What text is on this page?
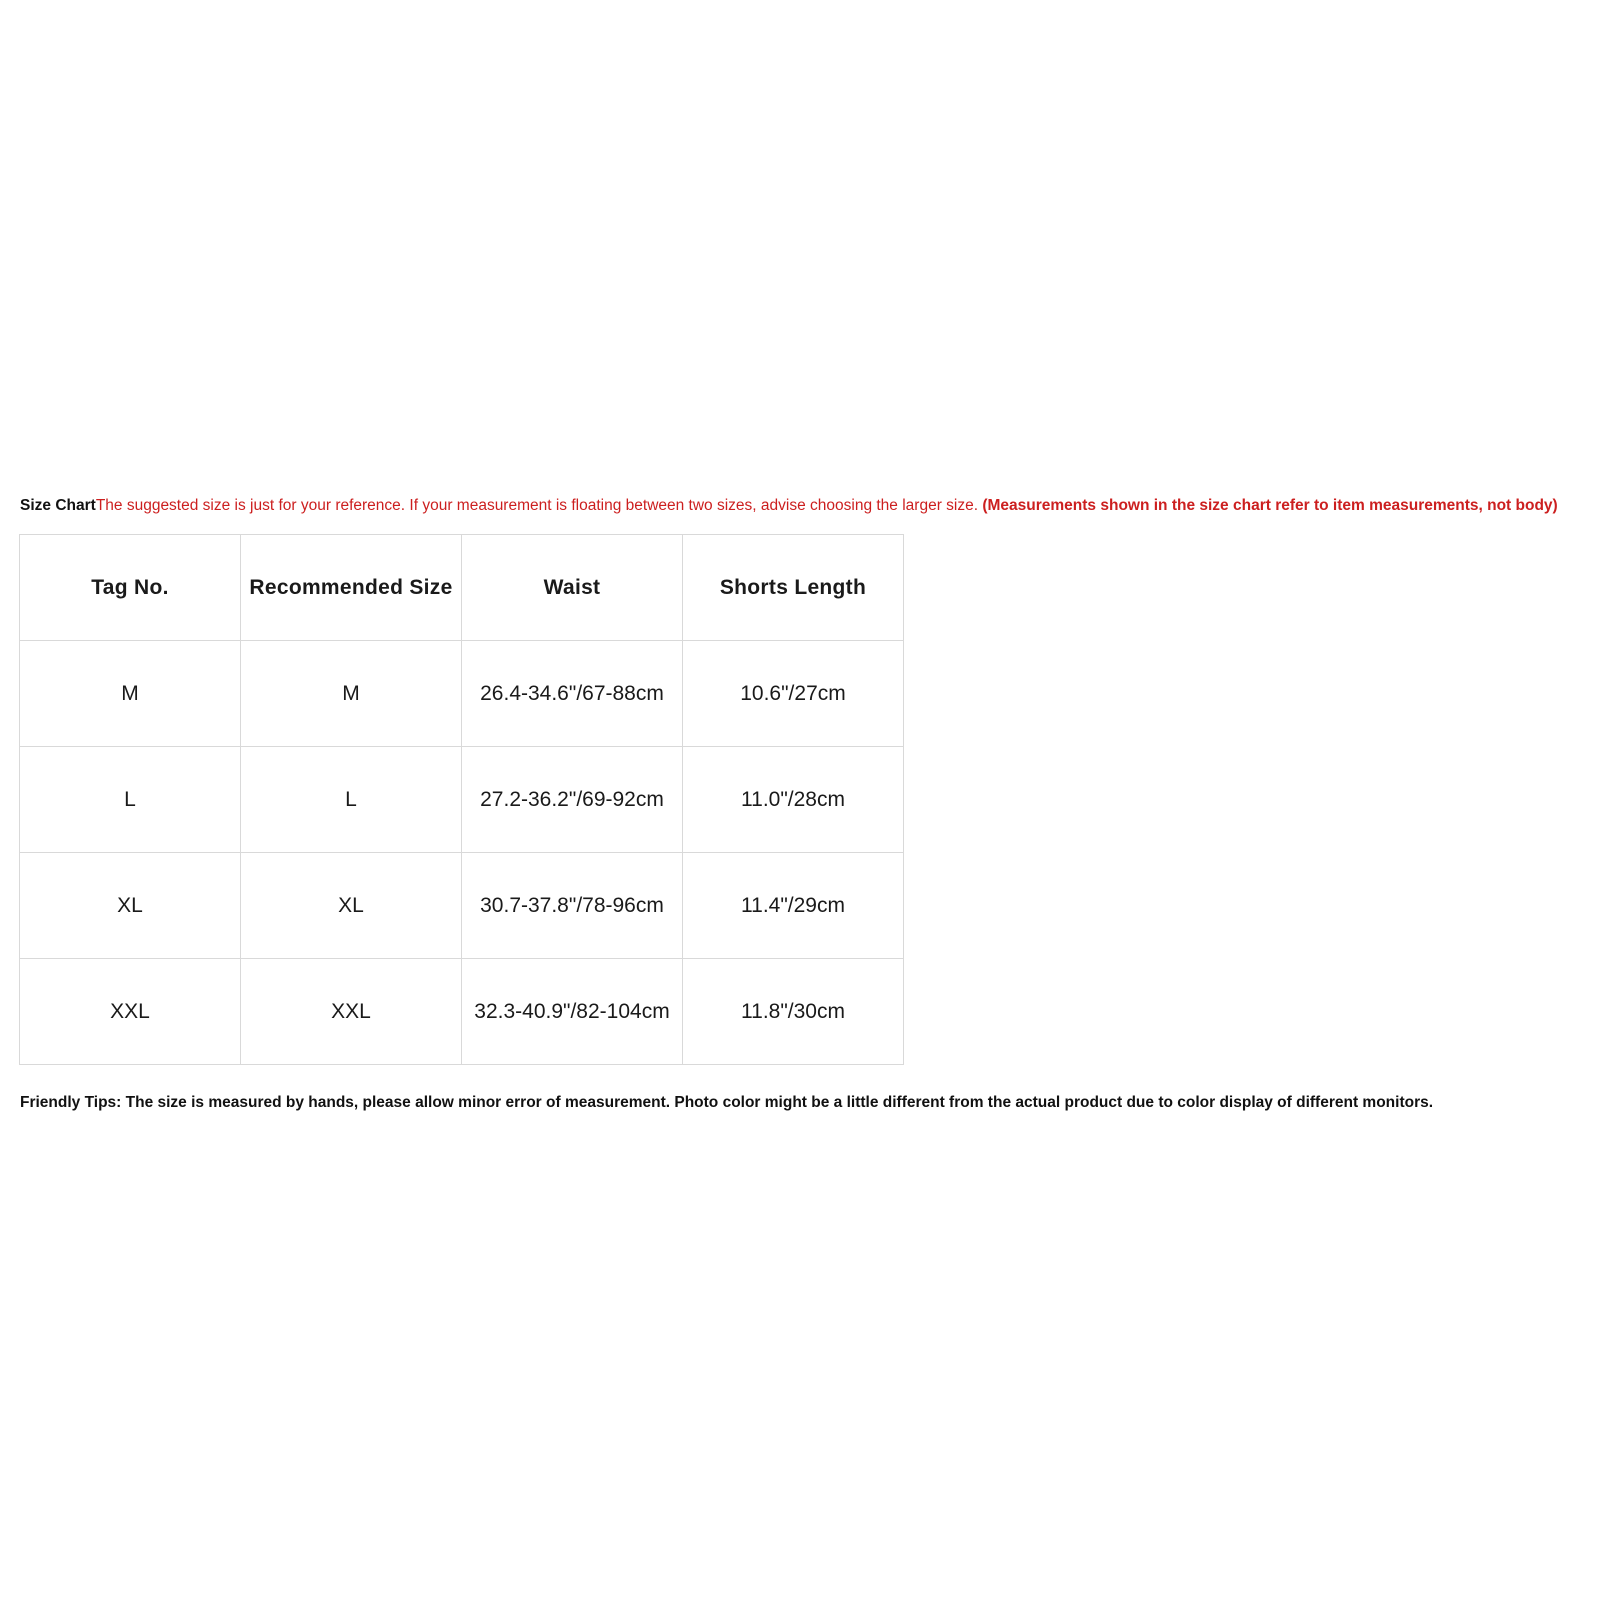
Size ChartThe suggested size is just for your reference. If your measurement is floating between two sizes, advise choosing the larger size. (Measurements shown in the size chart refer to item measurements, not body)
Tag No.	Recommended Size	Waist	Shorts Length
M	M	26.4-34.6"/67-88cm	10.6"/27cm
L	L	27.2-36.2"/69-92cm	11.0"/28cm
XL	XL	30.7-37.8"/78-96cm	11.4"/29cm
XXL	XXL	32.3-40.9"/82-104cm	11.8"/30cm
Friendly Tips: The size is measured by hands, please allow minor error of measurement. Photo color might be a little different from the actual product due to color display of different monitors.
